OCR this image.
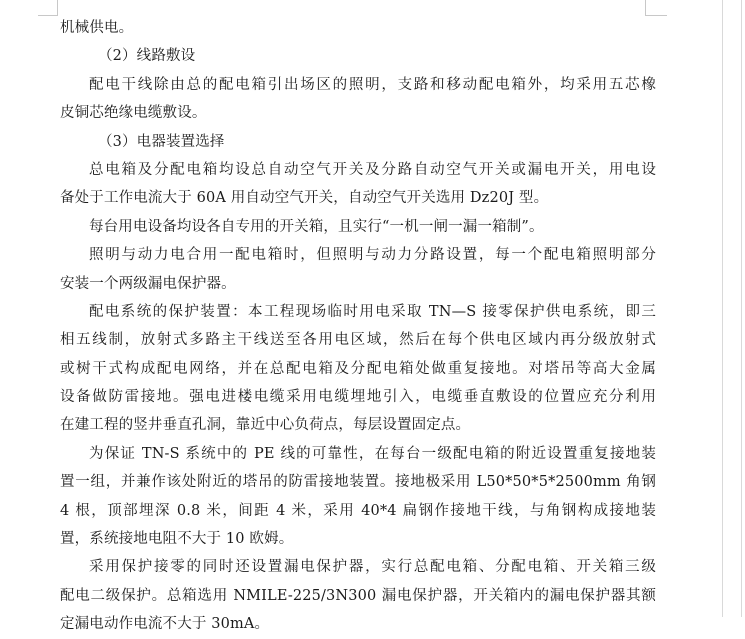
机械供电。
（2）线路敷设
配电干线除由总的配电箱引出场区的照明，支路和移动配电箱外，均采用五芯橡
皮铜芯绝缘电缆敷设。
（3）电器装置选择
总电箱及分配电箱均设总自动空气开关及分路自动空气开关或漏电开关，用电设
备处于工作电流大于 60A 用自动空气开关，自动空气开关选用 Dz20J 型。
每台用电设备均设各自专用的开关箱，且实行“一机一闸一漏一箱制”。
照明与动力电合用一配电箱时，但照明与动力分路设置，每一个配电箱照明部分
安装一个两级漏电保护器。
配电系统的保护装置：本工程现场临时用电采取 TN—S 接零保护供电系统，即三
相五线制，放射式多路主干线送至各用电区域，然后在每个供电区域内再分级放射式
或树干式构成配电网络，并在总配电箱及分配电箱处做重复接地。对塔吊等高大金属
设备做防雷接地。强电进楼电缆采用电缆埋地引入，电缆垂直敷设的位置应充分利用
在建工程的竖井垂直孔洞，靠近中心负荷点，每层设置固定点。
为保证 TN-S 系统中的 PE 线的可靠性，在每台一级配电箱的附近设置重复接地装
置一组，并兼作该处附近的塔吊的防雷接地装置。接地极采用 L50*50*5*2500mm 角钢
4 根，顶部埋深 0.8 米，间距 4 米，采用 40*4 扁钢作接地干线，与角钢构成接地装
置，系统接地电阻不大于 10 欧姆。
采用保护接零的同时还设置漏电保护器，实行总配电箱、分配电箱、开关箱三级
配电二级保护。总箱选用 NMILE-225/3N300 漏电保护器，开关箱内的漏电保护器其额
定漏电动作电流不大于 30mA。
